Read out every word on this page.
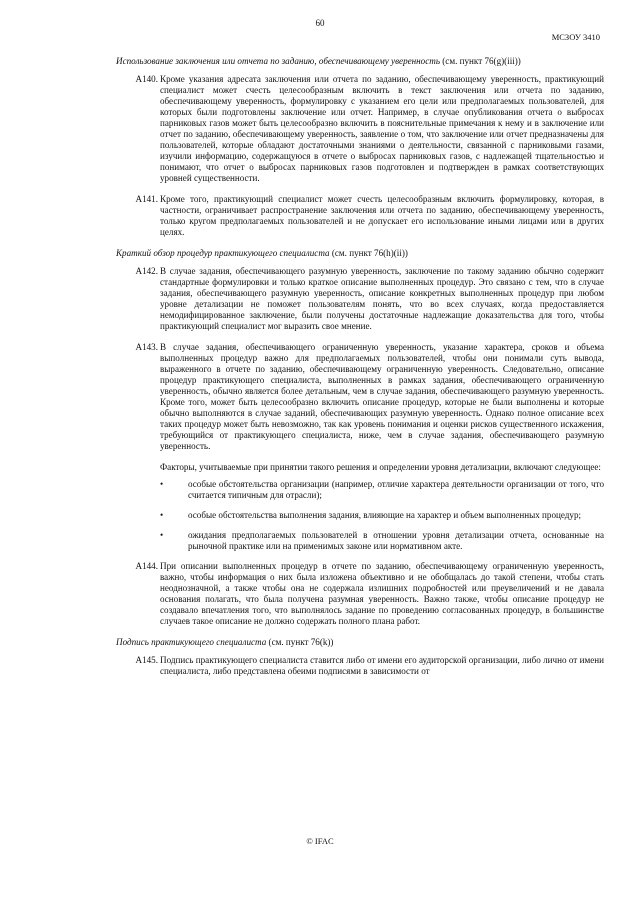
60
МСЗОУ 3410
Использование заключения или отчета по заданию, обеспечивающему уверенность (см. пункт 76(g)(iii))
A140. Кроме указания адресата заключения или отчета по заданию, обеспечивающему уверенность, практикующий специалист может счесть целесообразным включить в текст заключения или отчета по заданию, обеспечивающему уверенность, формулировку с указанием его цели или предполагаемых пользователей, для которых были подготовлены заключение или отчет. Например, в случае опубликования отчета о выбросах парниковых газов может быть целесообразно включить в пояснительные примечания к нему и в заключение или отчет по заданию, обеспечивающему уверенность, заявление о том, что заключение или отчет предназначены для пользователей, которые обладают достаточными знаниями о деятельности, связанной с парниковыми газами, изучили информацию, содержащуюся в отчете о выбросах парниковых газов, с надлежащей тщательностью и понимают, что отчет о выбросах парниковых газов подготовлен и подтвержден в рамках соответствующих уровней существенности.

A141. Кроме того, практикующий специалист может счесть целесообразным включить формулировку, которая, в частности, ограничивает распространение заключения или отчета по заданию, обеспечивающему уверенность, только кругом предполагаемых пользователей и не допускает его использование иными лицами или в других целях.

Краткий обзор процедур практикующего специалиста (см. пункт 76(h)(ii))
A142. В случае задания, обеспечивающего разумную уверенность, заключение по такому заданию обычно содержит стандартные формулировки и только краткое описание выполненных процедур. Это связано с тем, что в случае задания, обеспечивающего разумную уверенность, описание конкретных выполненных процедур при любом уровне детализации не поможет пользователям понять, что во всех случаях, когда предоставляется немодифицированное заключение, были получены достаточные надлежащие доказательства для того, чтобы практикующий специалист мог выразить свое мнение.

A143. В случае задания, обеспечивающего ограниченную уверенность, указание характера, сроков и объема выполненных процедур важно для предполагаемых пользователей, чтобы они понимали суть вывода, выраженного в отчете по заданию, обеспечивающему ограниченную уверенность. Следовательно, описание процедур практикующего специалиста, выполненных в рамках задания, обеспечивающего ограниченную уверенность, обычно является более детальным, чем в случае задания, обеспечивающего разумную уверенность. Кроме того, может быть целесообразно включить описание процедур, которые не были выполнены и которые обычно выполняются в случае заданий, обеспечивающих разумную уверенность. Однако полное описание всех таких процедур может быть невозможно, так как уровень понимания и оценки рисков существенного искажения, требующийся от практикующего специалиста, ниже, чем в случае задания, обеспечивающего разумную уверенность.

Факторы, учитываемые при принятии такого решения и определении уровня детализации, включают следующее:

•	особые обстоятельства организации (например, отличие характера деятельности организации от того, что считается типичным для отрасли);
•	особые обстоятельства выполнения задания, влияющие на характер и объем выполненных процедур;
•	ожидания предполагаемых пользователей в отношении уровня детализации отчета, основанные на рыночной практике или на применимых законе или нормативном акте.
A144. При описании выполненных процедур в отчете по заданию, обеспечивающему ограниченную уверенность, важно, чтобы информация о них была изложена объективно и не обобщалась до такой степени, чтобы стать неоднозначной, а также чтобы она не содержала излишних подробностей или преувеличений и не давала основания полагать, что была получена разумная уверенность. Важно также, чтобы описание процедур не создавало впечатления того, что выполнялось задание по проведению согласованных процедур, в большинстве случаев такое описание не должно содержать полного плана работ.

Подпись практикующего специалиста (см. пункт 76(k))
A145. Подпись практикующего специалиста ставится либо от имени его аудиторской организации, либо лично от имени специалиста, либо представлена обеими подписями в зависимости от

© IFAC
